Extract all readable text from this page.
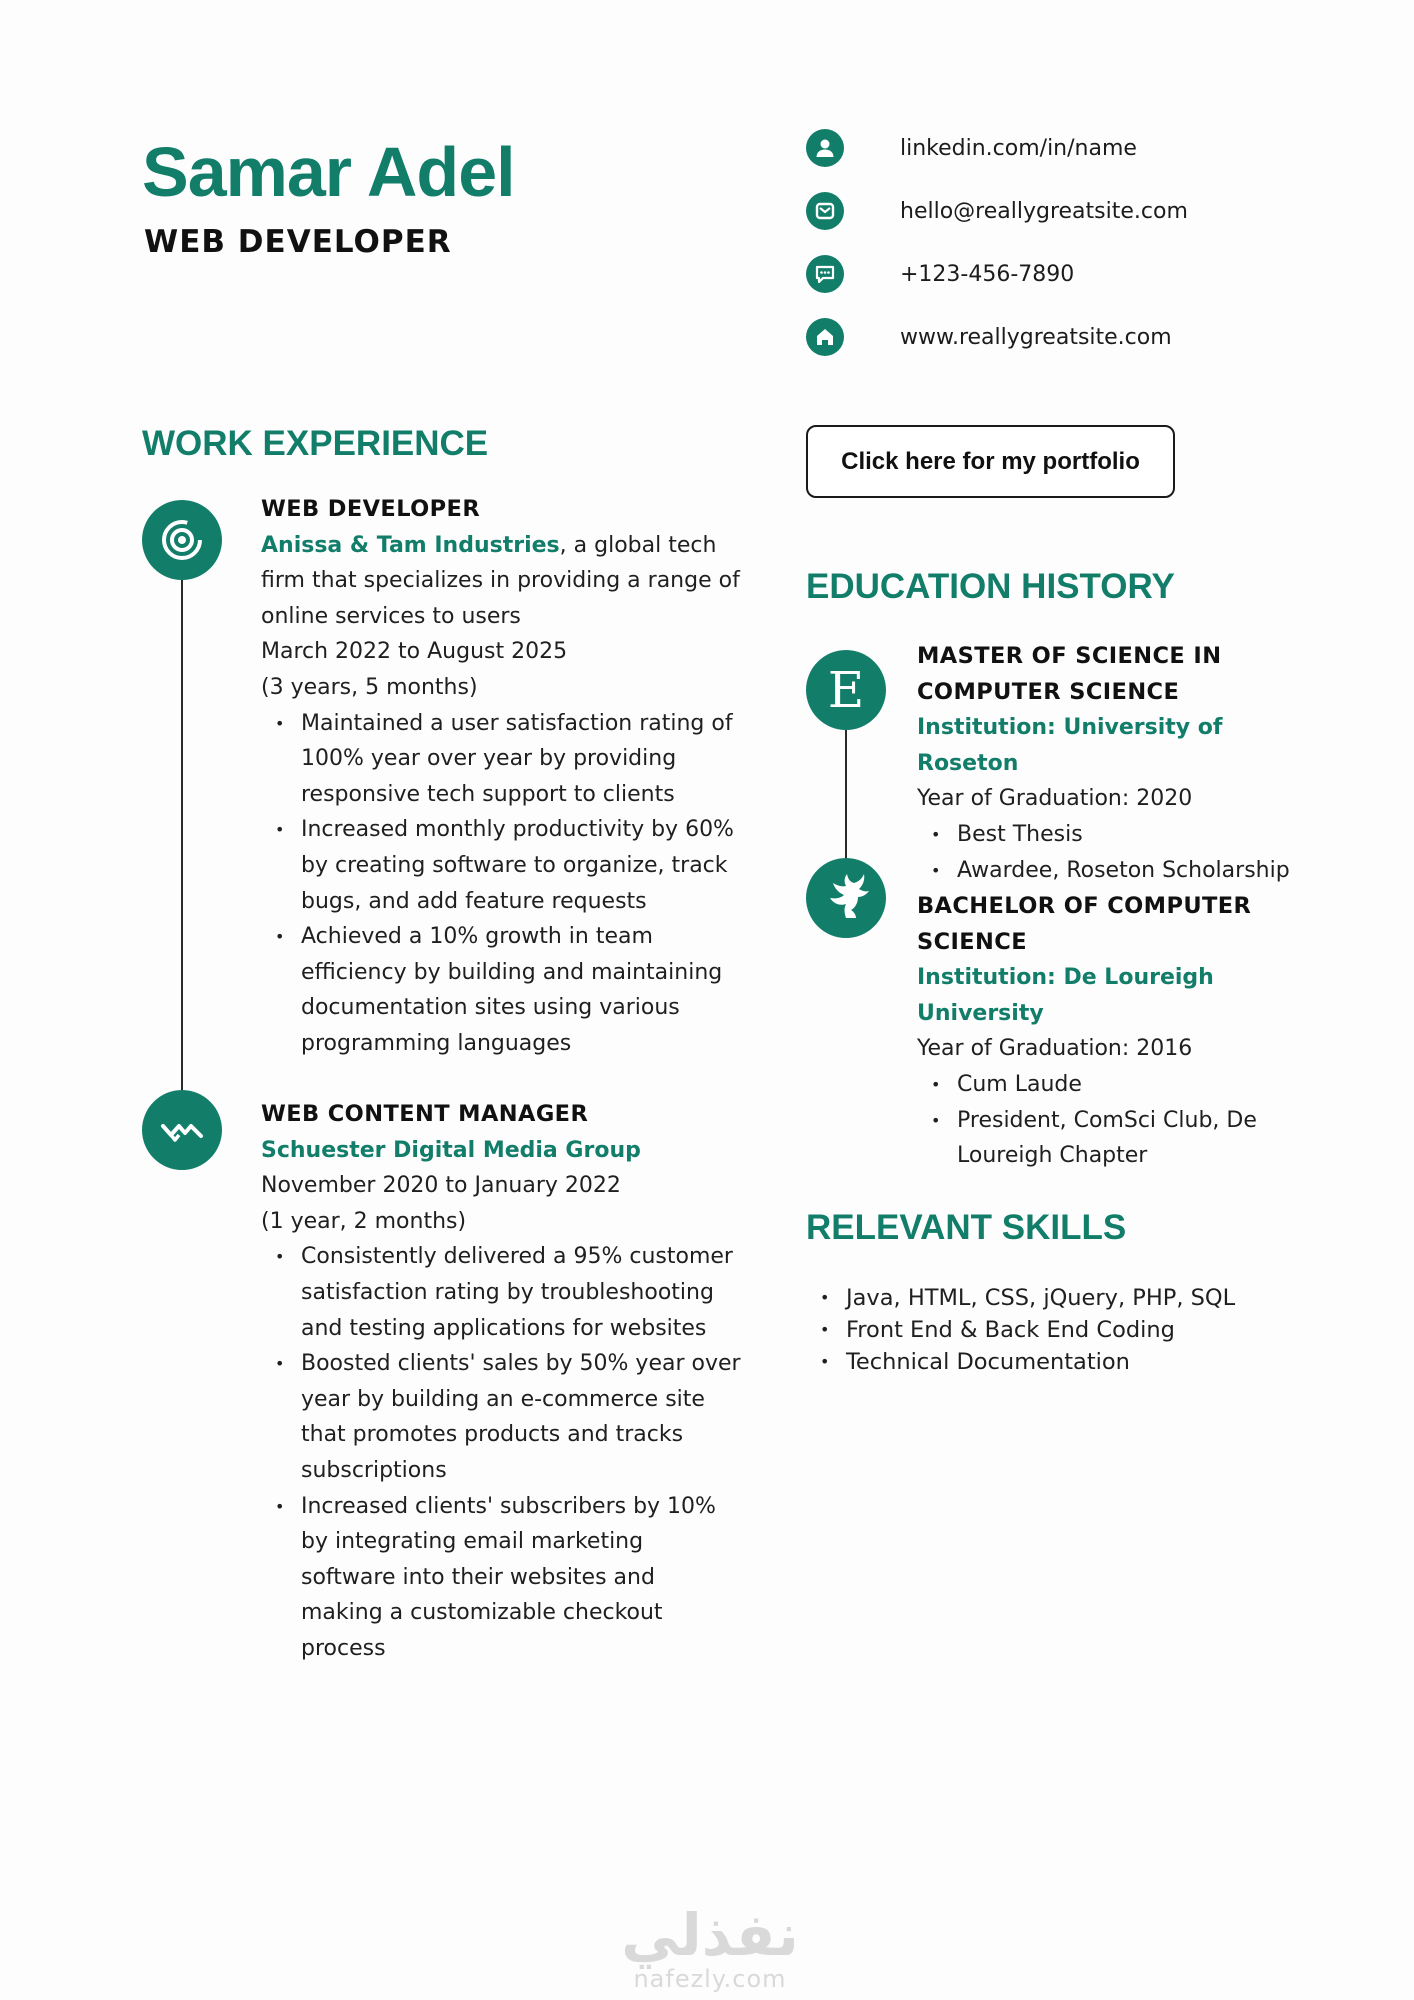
Samar Adel
WEB DEVELOPER
linkedin.com/in/name
hello@reallygreatsite.com
+123-456-7890
www.reallygreatsite.com
Click here for my portfolio
WORK EXPERIENCE
WEB DEVELOPER
Anissa & Tam Industries, a global tech firm that specializes in providing a range of online services to users
March 2022 to August 2025
(3 years, 5 months)
• Maintained a user satisfaction rating of 100% year over year by providing responsive tech support to clients
• Increased monthly productivity by 60% by creating software to organize, track bugs, and add feature requests
• Achieved a 10% growth in team efficiency by building and maintaining documentation sites using various programming languages
WEB CONTENT MANAGER
Schuester Digital Media Group
November 2020 to January 2022
(1 year, 2 months)
• Consistently delivered a 95% customer satisfaction rating by troubleshooting and testing applications for websites
• Boosted clients' sales by 50% year over year by building an e-commerce site that promotes products and tracks subscriptions
• Increased clients' subscribers by 10% by integrating email marketing software into their websites and making a customizable checkout process
EDUCATION HISTORY
E
MASTER OF SCIENCE IN COMPUTER SCIENCE
Institution: University of Roseton
Year of Graduation: 2020
• Best Thesis
• Awardee, Roseton Scholarship
BACHELOR OF COMPUTER SCIENCE
Institution: De Loureigh University
Year of Graduation: 2016
• Cum Laude
• President, ComSci Club, De Loureigh Chapter
RELEVANT SKILLS
• Java, HTML, CSS, jQuery, PHP, SQL
• Front End & Back End Coding
• Technical Documentation
نفذلي
nafezly.com
